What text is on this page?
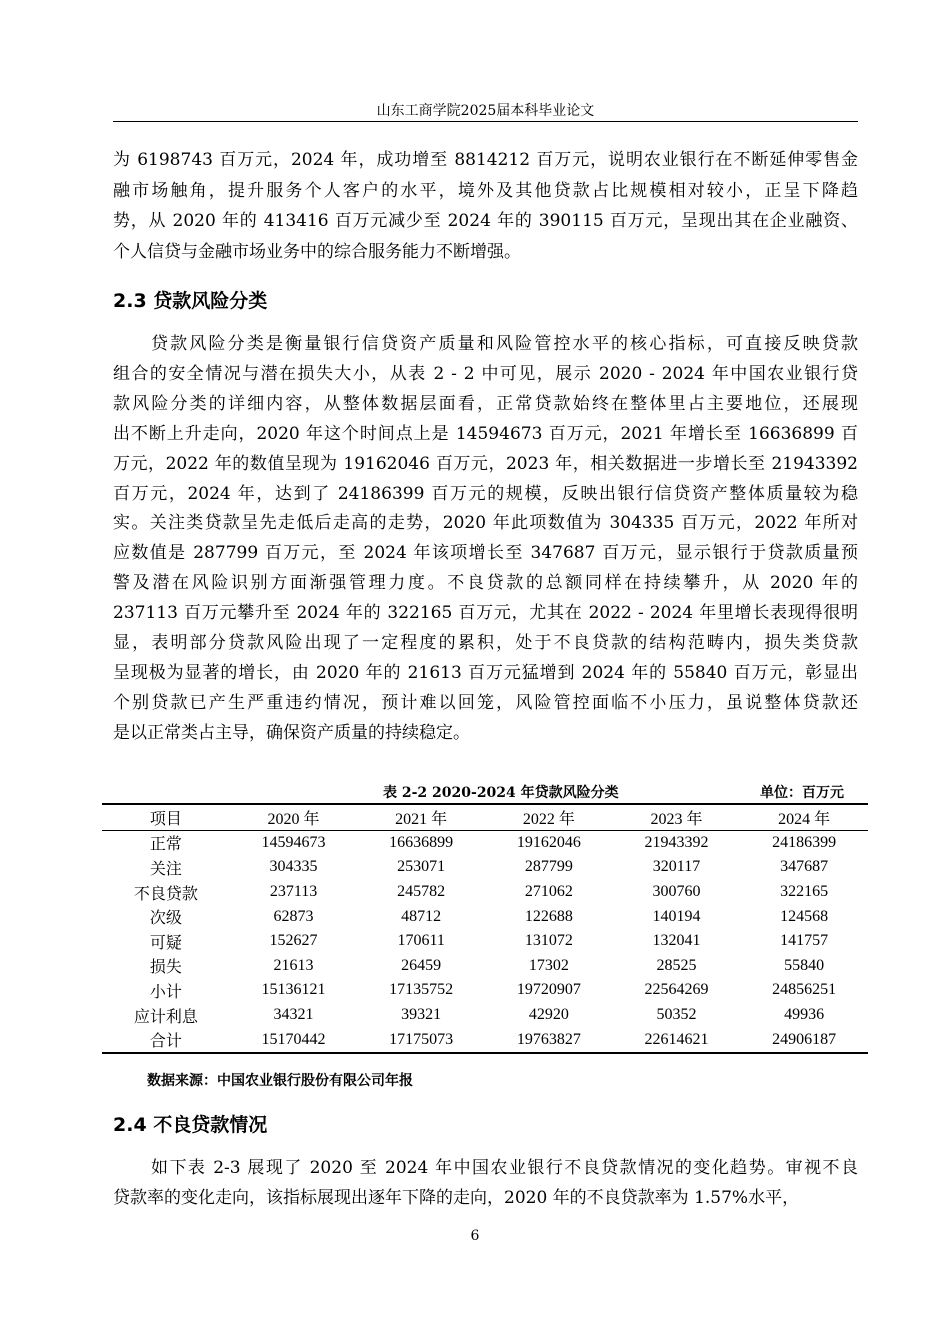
山东工商学院2025届本科毕业论文
为 6198743 百万元，2024 年，成功增至 8814212 百万元，说明农业银行在不断延伸零售金
融市场触角，提升服务个人客户的水平，境外及其他贷款占比规模相对较小，正呈下降趋
势，从 2020 年的 413416 百万元减少至 2024 年的 390115 百万元，呈现出其在企业融资、
个人信贷与金融市场业务中的综合服务能力不断增强。
2.3 贷款风险分类
贷款风险分类是衡量银行信贷资产质量和风险管控水平的核心指标，可直接反映贷款
组合的安全情况与潜在损失大小，从表 2 - 2 中可见，展示 2020 - 2024 年中国农业银行贷
款风险分类的详细内容，从整体数据层面看，正常贷款始终在整体里占主要地位，还展现
出不断上升走向，2020 年这个时间点上是 14594673 百万元，2021 年增长至 16636899 百
万元，2022 年的数值呈现为 19162046 百万元，2023 年，相关数据进一步增长至 21943392
百万元，2024 年，达到了 24186399 百万元的规模，反映出银行信贷资产整体质量较为稳
实。关注类贷款呈先走低后走高的走势，2020 年此项数值为 304335 百万元，2022 年所对
应数值是 287799 百万元，至 2024 年该项增长至 347687 百万元，显示银行于贷款质量预
警及潜在风险识别方面渐强管理力度。不良贷款的总额同样在持续攀升，从 2020 年的
237113 百万元攀升至 2024 年的 322165 百万元，尤其在 2022 - 2024 年里增长表现得很明
显，表明部分贷款风险出现了一定程度的累积，处于不良贷款的结构范畴内，损失类贷款
呈现极为显著的增长，由 2020 年的 21613 百万元猛增到 2024 年的 55840 百万元，彰显出
个别贷款已产生严重违约情况，预计难以回笼，风险管控面临不小压力，虽说整体贷款还
是以正常类占主导，确保资产质量的持续稳定。
表 2-2 2020-2024 年贷款风险分类	单位：百万元
项目	2020 年	2021 年	2022 年	2023 年	2024 年
正常	14594673	16636899	19162046	21943392	24186399
关注	304335	253071	287799	320117	347687
不良贷款	237113	245782	271062	300760	322165
次级	62873	48712	122688	140194	124568
可疑	152627	170611	131072	132041	141757
损失	21613	26459	17302	28525	55840
小计	15136121	17135752	19720907	22564269	24856251
应计利息	34321	39321	42920	50352	49936
合计	15170442	17175073	19763827	22614621	24906187
数据来源：中国农业银行股份有限公司年报
2.4 不良贷款情况
如下表 2-3 展现了 2020 至 2024 年中国农业银行不良贷款情况的变化趋势。审视不良
贷款率的变化走向，该指标展现出逐年下降的走向，2020 年的不良贷款率为 1.57%水平，
6
